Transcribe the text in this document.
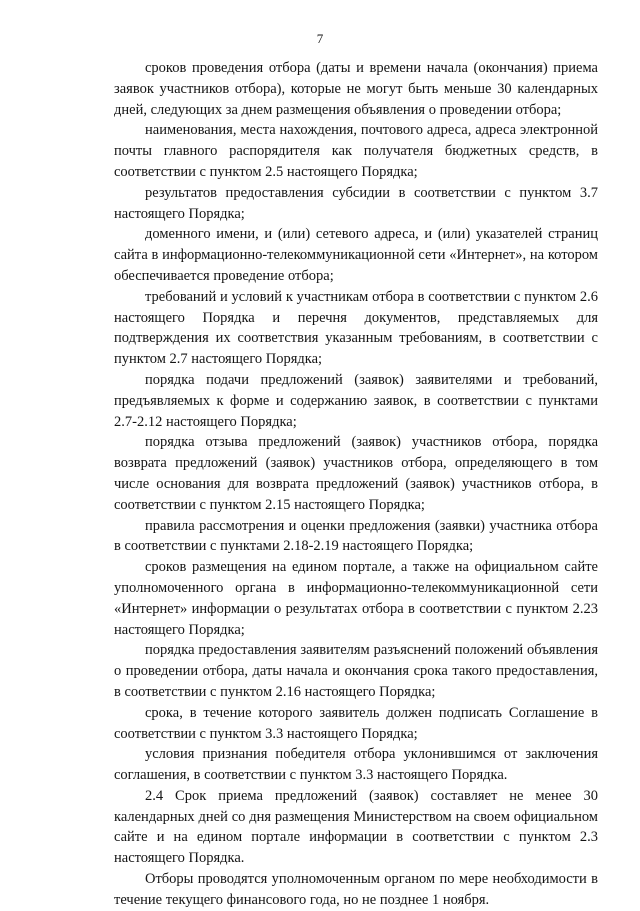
7

сроков проведения отбора (даты и времени начала (окончания) приема заявок участников отбора), которые не могут быть меньше 30 календарных дней, следующих за днем размещения объявления о проведении отбора;

наименования, места нахождения, почтового адреса, адреса электронной почты главного распорядителя как получателя бюджетных средств, в соответствии с пунктом 2.5 настоящего Порядка;

результатов предоставления субсидии в соответствии с пунктом 3.7 настоящего Порядка;

доменного имени, и (или) сетевого адреса, и (или) указателей страниц сайта в информационно-телекоммуникационной сети «Интернет», на котором обеспечивается проведение отбора;

требований и условий к участникам отбора в соответствии с пунктом 2.6 настоящего Порядка и перечня документов, представляемых для подтверждения их соответствия указанным требованиям, в соответствии с пунктом 2.7 настоящего Порядка;

порядка подачи предложений (заявок) заявителями и требований, предъявляемых к форме и содержанию заявок, в соответствии с пунктами 2.7-2.12 настоящего Порядка;

порядка отзыва предложений (заявок) участников отбора, порядка возврата предложений (заявок) участников отбора, определяющего в том числе основания для возврата предложений (заявок) участников отбора, в соответствии с пунктом 2.15 настоящего Порядка;

правила рассмотрения и оценки предложения (заявки) участника отбора в соответствии с пунктами 2.18-2.19 настоящего Порядка;

сроков размещения на едином портале, а также на официальном сайте уполномоченного органа в информационно-телекоммуникационной сети «Интернет» информации о результатах отбора в соответствии с пунктом 2.23 настоящего Порядка;

порядка предоставления заявителям разъяснений положений объявления о проведении отбора, даты начала и окончания срока такого предоставления, в соответствии с пунктом 2.16 настоящего Порядка;

срока, в течение которого заявитель должен подписать Соглашение в соответствии с пунктом 3.3 настоящего Порядка;

условия признания победителя отбора уклонившимся от заключения соглашения, в соответствии с пунктом 3.3 настоящего Порядка.

2.4 Срок приема предложений (заявок) составляет не менее 30 календарных дней со дня размещения Министерством на своем официальном сайте и на едином портале информации в соответствии с пунктом 2.3 настоящего Порядка.

Отборы проводятся уполномоченным органом по мере необходимости в течение текущего финансового года, но не позднее 1 ноября.
